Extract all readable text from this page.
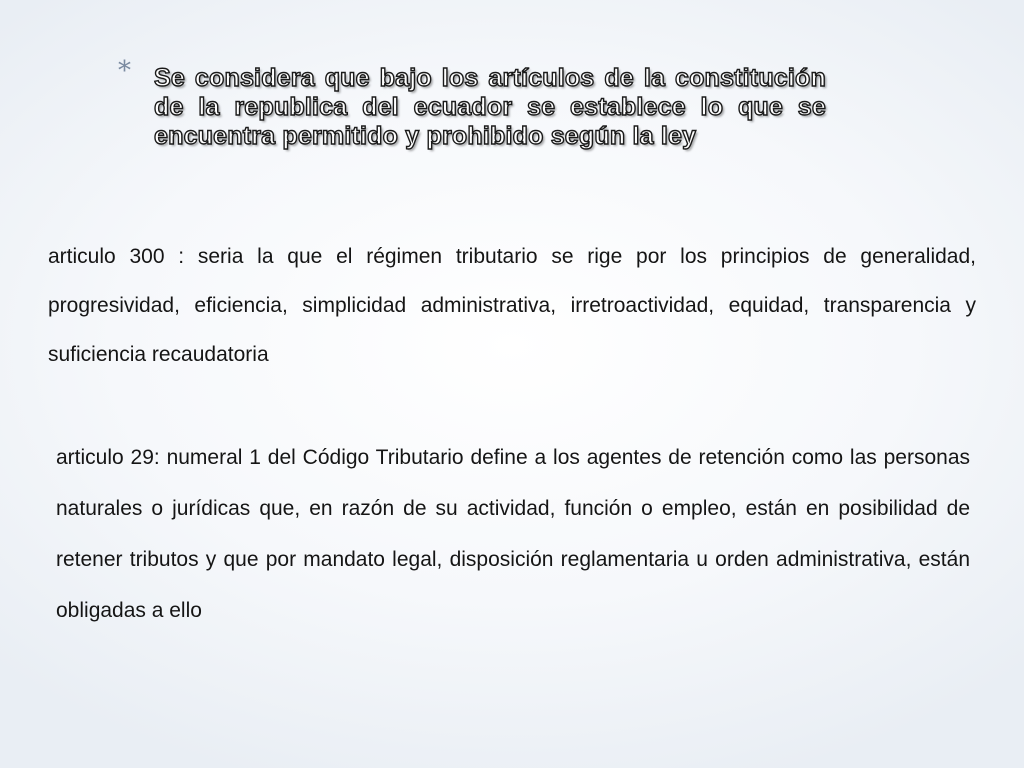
* Se considera que bajo los artículos de la constitución de la republica del ecuador se establece lo que se encuentra permitido y prohibido según la ley

articulo 300 : seria la que el régimen tributario se rige por los principios de generalidad, progresividad, eficiencia, simplicidad administrativa, irretroactividad, equidad, transparencia y suficiencia recaudatoria

articulo 29: numeral 1 del Código Tributario define a los agentes de retención como las personas naturales o jurídicas que, en razón de su actividad, función o empleo, están en posibilidad de retener tributos y que por mandato legal, disposición reglamentaria u orden administrativa, están obligadas a ello
